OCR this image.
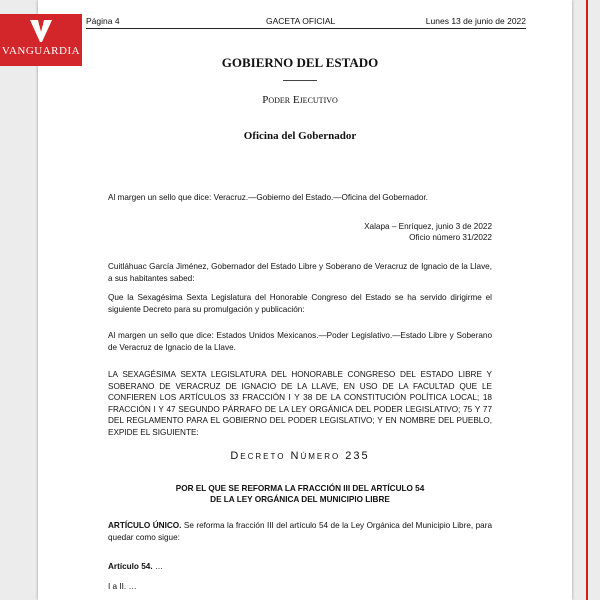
VANGUARDIA
Página 4	GACETA OFICIAL	Lunes 13 de junio de 2022
GOBIERNO DEL ESTADO
Poder Ejecutivo
Oficina del Gobernador
Al margen un sello que dice: Veracruz.—Gobierno del Estado.—Oficina del Gobernador.
Xalapa – Enríquez, junio 3 de 2022
Oficio número 31/2022
Cuitláhuac García Jiménez, Gobernador del Estado Libre y Soberano de Veracruz de Ignacio de la Llave, a sus habitantes sabed:
Que la Sexagésima Sexta Legislatura del Honorable Congreso del Estado se ha servido dirigirme el siguiente Decreto para su promulgación y publicación:
Al margen un sello que dice: Estados Unidos Mexicanos.—Poder Legislativo.—Estado Libre y Soberano de Veracruz de Ignacio de la Llave.
LA SEXAGÉSIMA SEXTA LEGISLATURA DEL HONORABLE CONGRESO DEL ESTADO LIBRE Y SOBERANO DE VERACRUZ DE IGNACIO DE LA LLAVE, EN USO DE LA FACULTAD QUE LE CONFIEREN LOS ARTÍCULOS 33 FRACCIÓN I Y 38 DE LA CONSTITUCIÓN POLÍTICA LOCAL; 18 FRACCIÓN I Y 47 SEGUNDO PÁRRAFO DE LA LEY ORGÁNICA DEL PODER LEGISLATIVO; 75 Y 77 DEL REGLAMENTO PARA EL GOBIERNO DEL PODER LEGISLATIVO; Y EN NOMBRE DEL PUEBLO, EXPIDE EL SIGUIENTE:
Decreto Número 235
POR EL QUE SE REFORMA LA FRACCIÓN III DEL ARTÍCULO 54
DE LA LEY ORGÁNICA DEL MUNICIPIO LIBRE
ARTÍCULO ÚNICO. Se reforma la fracción III del artículo 54 de la Ley Orgánica del Municipio Libre, para quedar como sigue:
Artículo 54. …
I a II. …
